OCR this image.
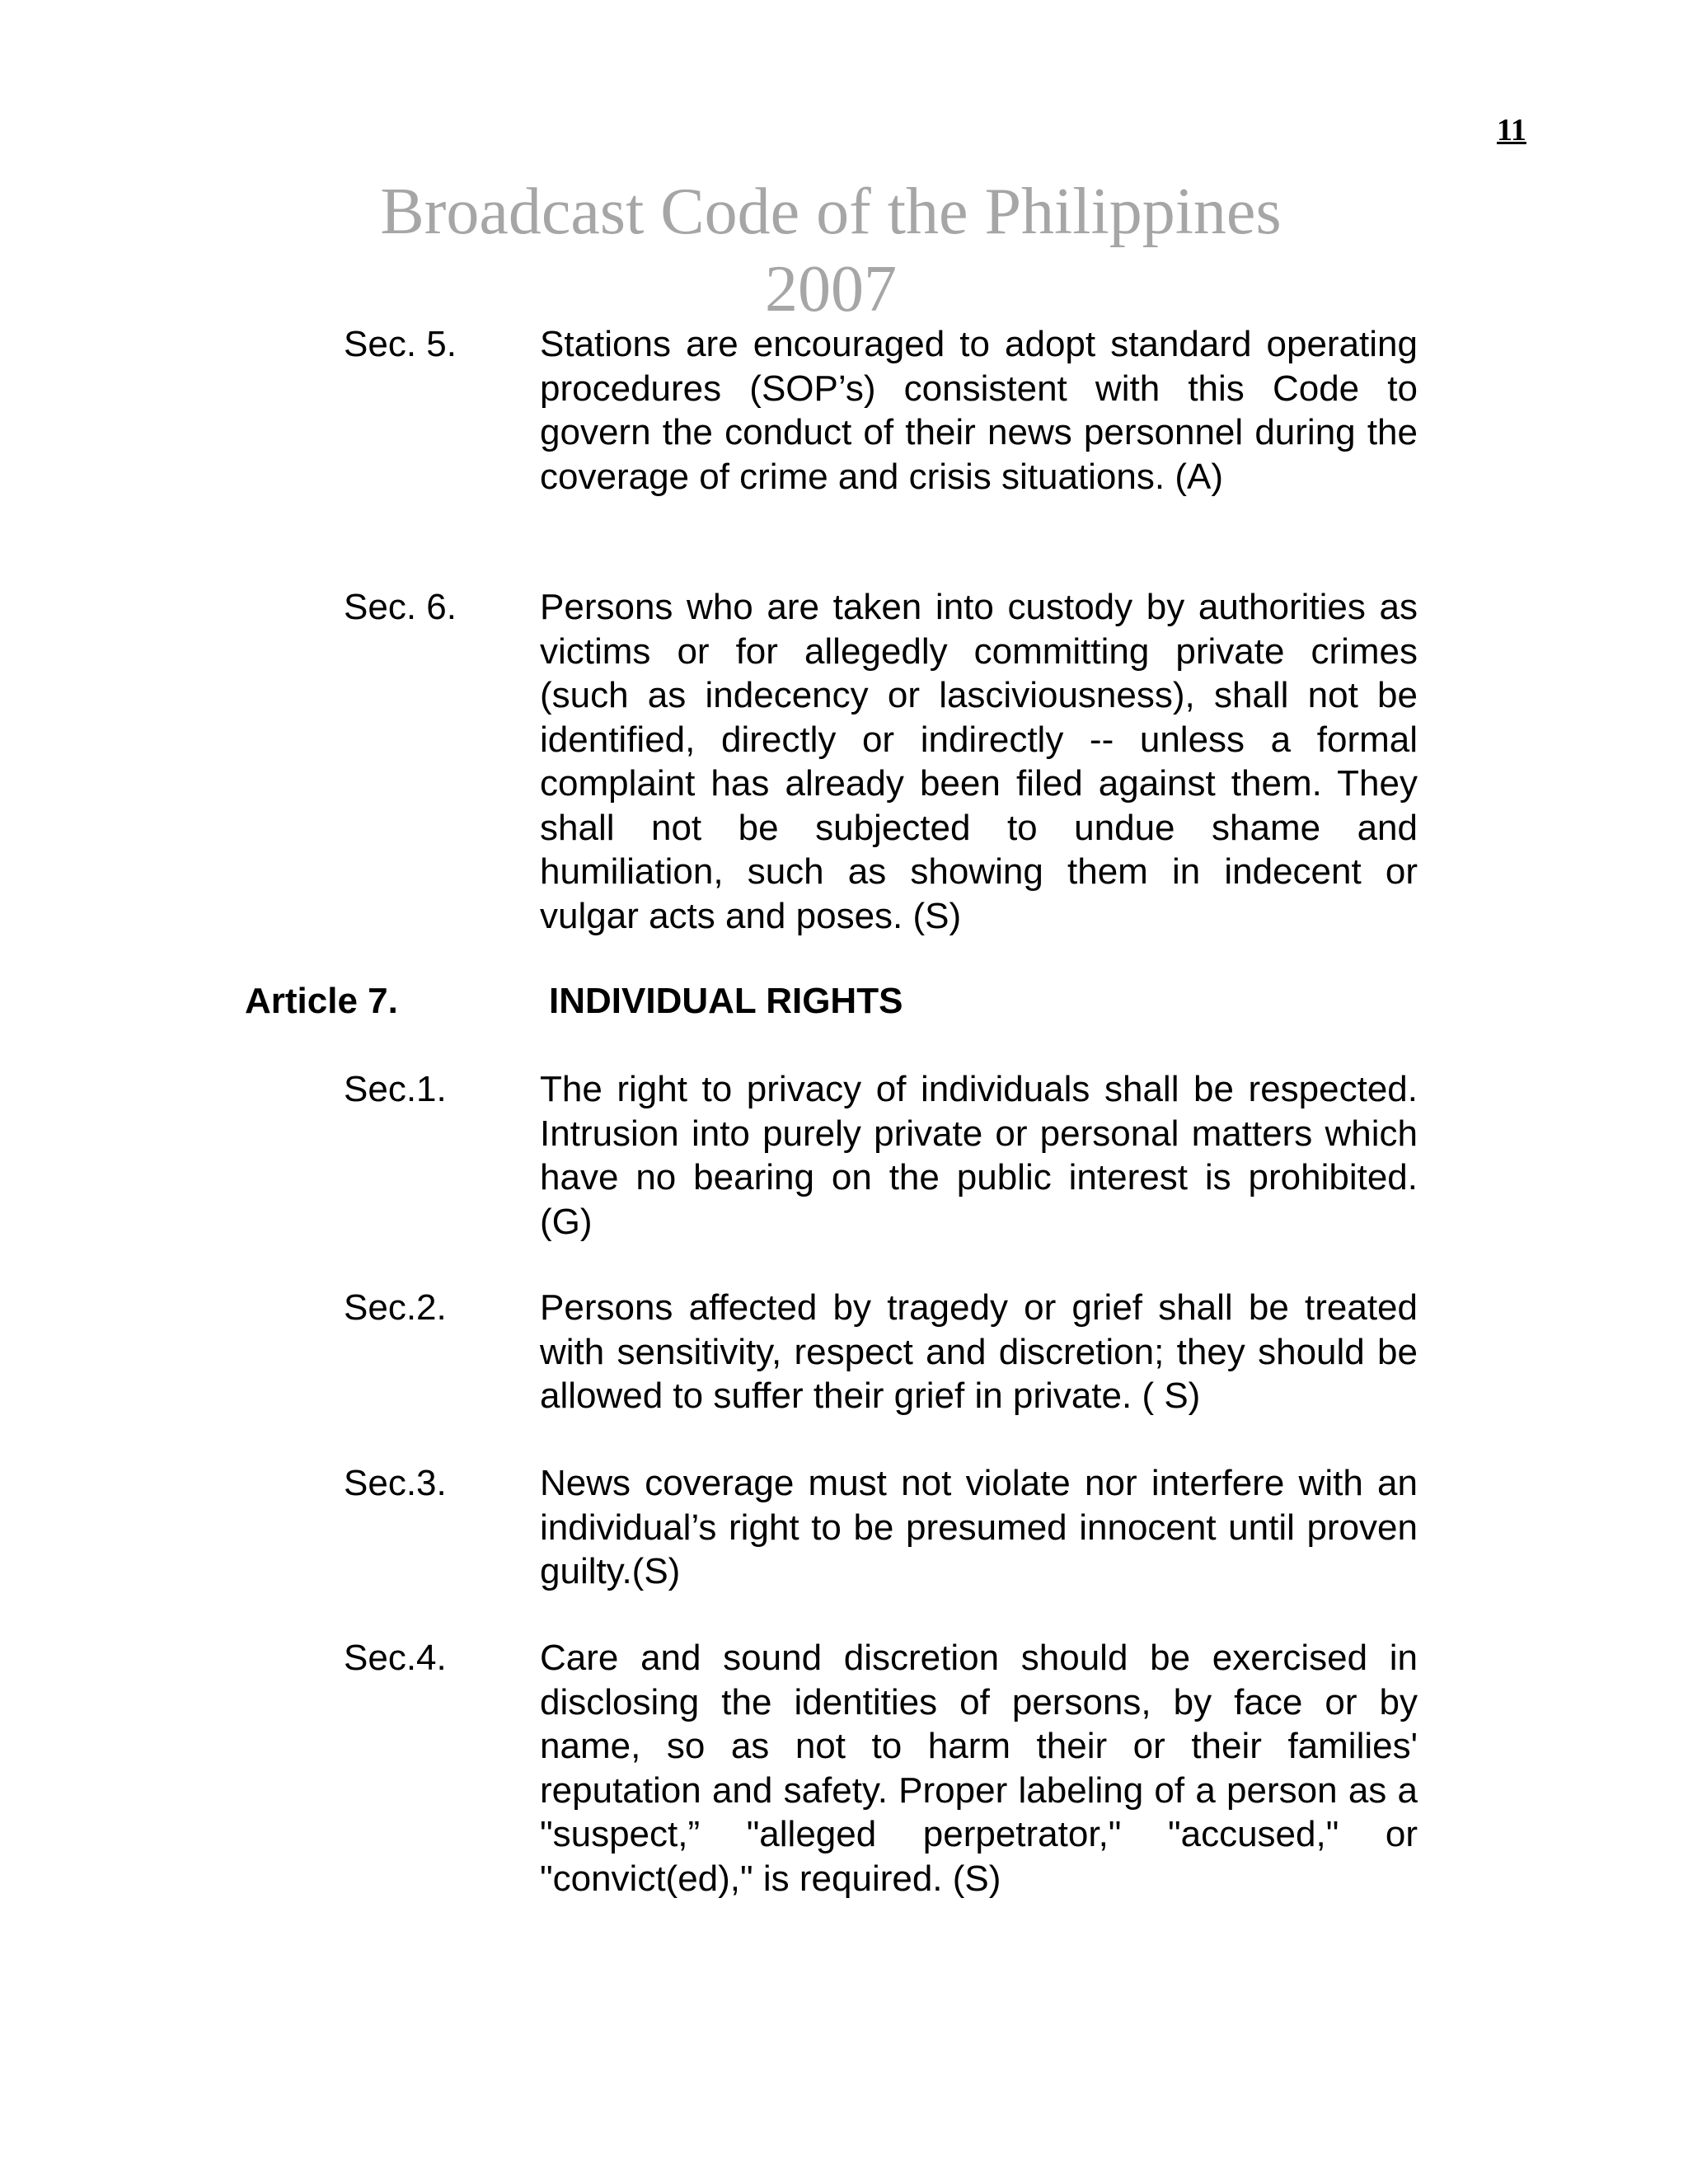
11
Broadcast Code of the Philippines
2007
Sec. 5. Stations are encouraged to adopt standard operating procedures (SOP’s) consistent with this Code to govern the conduct of their news personnel during the coverage of crime and crisis situations. (A)
Sec. 6. Persons who are taken into custody by authorities as victims or for allegedly committing private crimes (such as indecency or lasciviousness), shall not be identified, directly or indirectly -- unless a formal complaint has already been filed against them. They shall not be subjected to undue shame and humiliation, such as showing them in indecent or vulgar acts and poses. (S)
Article 7.	INDIVIDUAL RIGHTS
Sec.1.	The right to privacy of individuals shall be respected. Intrusion into purely private or personal matters which have no bearing on the public interest is prohibited. (G)
Sec.2.	Persons affected by tragedy or grief shall be treated with sensitivity, respect and discretion; they should be allowed to suffer their grief in private. ( S)
Sec.3.	News coverage must not violate nor interfere with an individual’s right to be presumed innocent until proven guilty.(S)
Sec.4.	Care and sound discretion should be exercised in disclosing the identities of persons, by face or by name, so as not to harm their or their families' reputation and safety. Proper labeling of a person as a "suspect,” "alleged perpetrator," "accused," or "convict(ed)," is required. (S)
